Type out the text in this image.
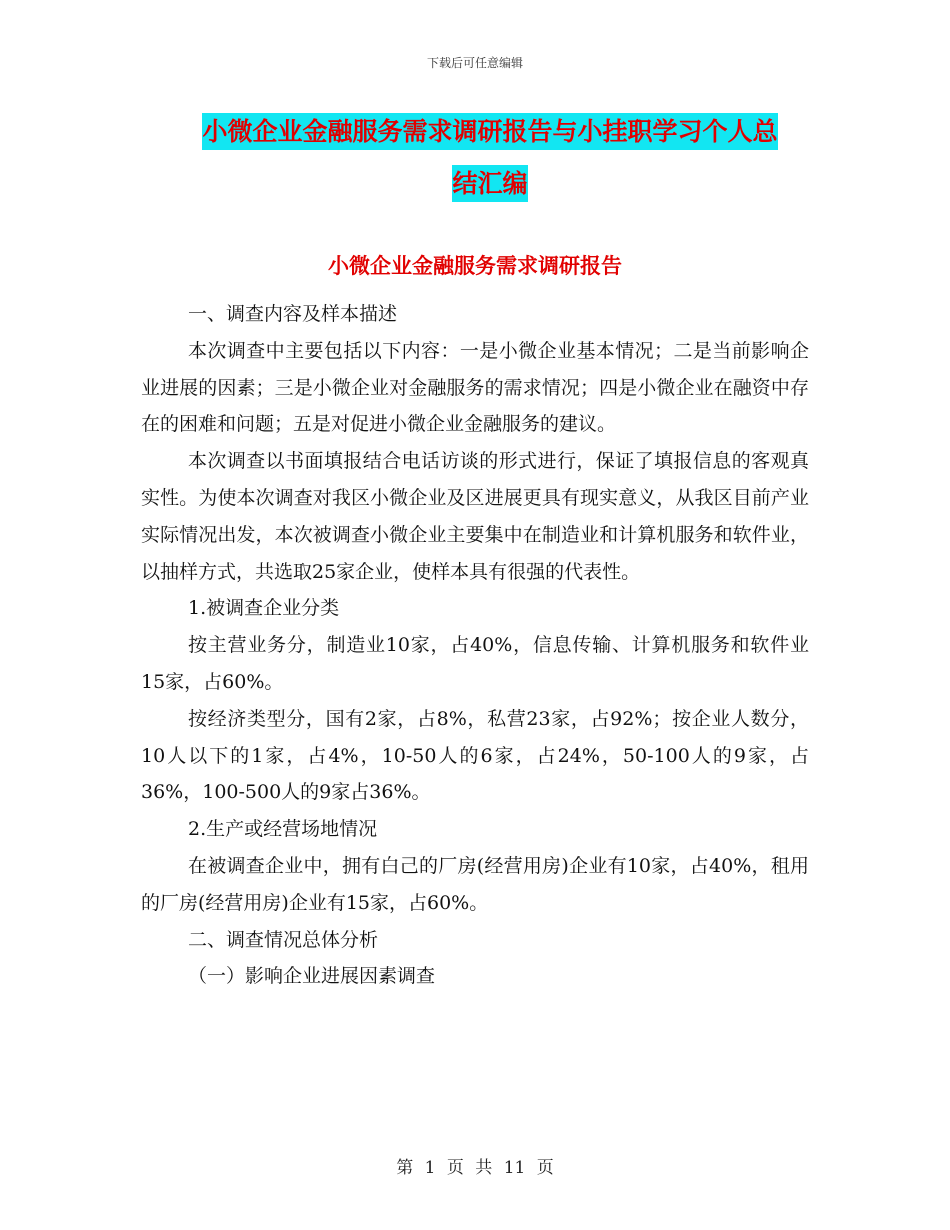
下载后可任意编辑
小微企业金融服务需求调研报告与小挂职学习个人总
结汇编
小微企业金融服务需求调研报告

一、调查内容及样本描述

本次调查中主要包括以下内容：一是小微企业基本情况；二是当前影响企业进展的因素；三是小微企业对金融服务的需求情况；四是小微企业在融资中存在的困难和问题；五是对促进小微企业金融服务的建议。

本次调查以书面填报结合电话访谈的形式进行，保证了填报信息的客观真实性。为使本次调查对我区小微企业及区进展更具有现实意义，从我区目前产业实际情况出发，本次被调查小微企业主要集中在制造业和计算机服务和软件业，以抽样方式，共选取25家企业，使样本具有很强的代表性。

1.被调查企业分类

按主营业务分，制造业10家，占40%，信息传输、计算机服务和软件业15家，占60%。

按经济类型分，国有2家，占8%，私营23家，占92%；按企业人数分，10人以下的1家，占4%，10-50人的6家，占24%，50-100人的9家，占36%，100-500人的9家占36%。

2.生产或经营场地情况

在被调查企业中，拥有白己的厂房(经营用房)企业有10家，占40%，租用的厂房(经营用房)企业有15家，占60%。

二、调查情况总体分析

（一）影响企业进展因素调查

第 1 页 共 11 页
